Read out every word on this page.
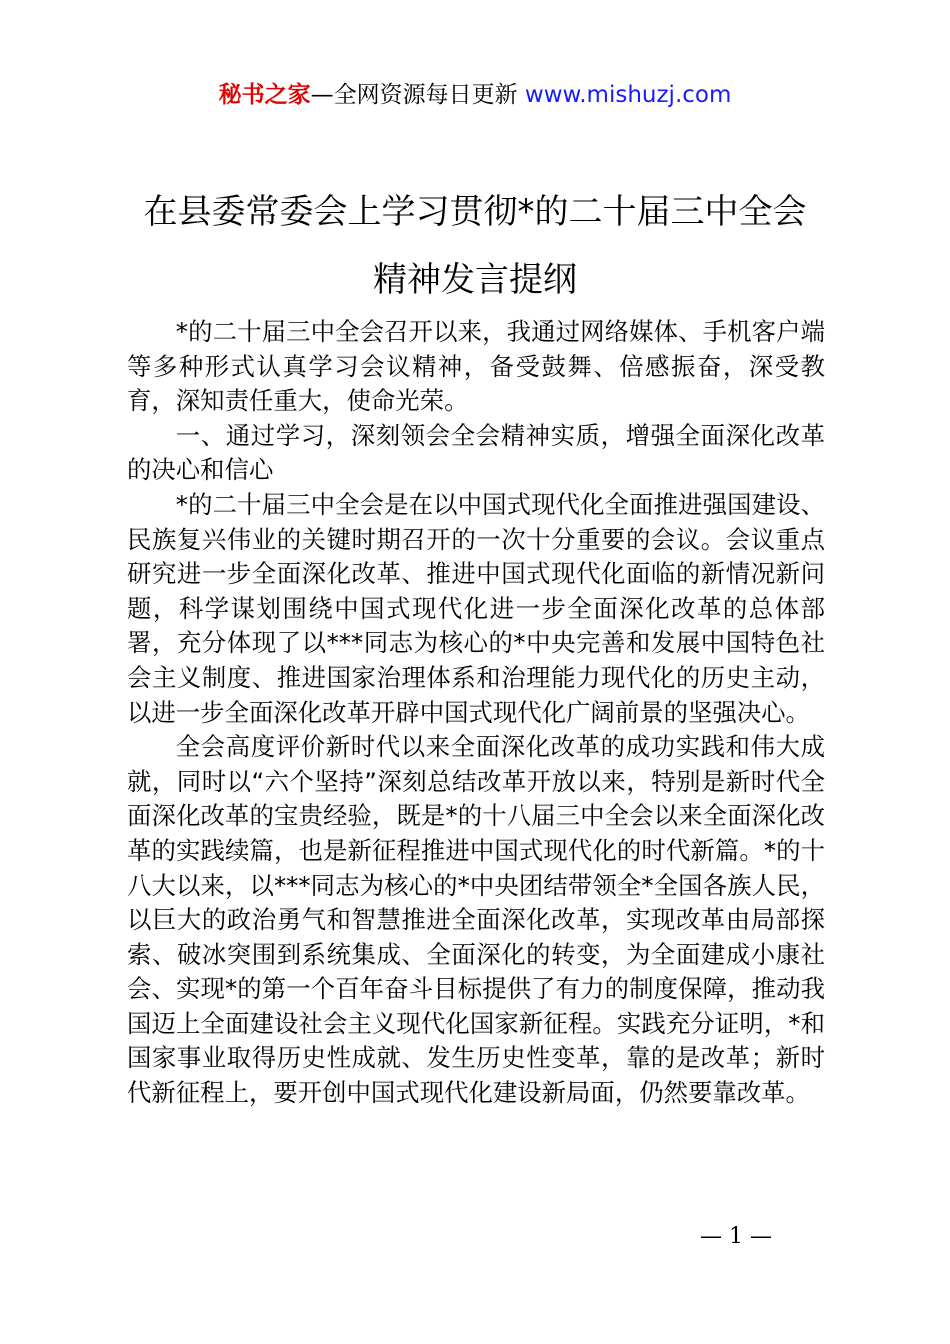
秘书之家—全网资源每日更新 www.mishuzj.com
在县委常委会上学习贯彻*的二十届三中全会
精神发言提纲

*的二十届三中全会召开以来，我通过网络媒体、手机客户端等多种形式认真学习会议精神，备受鼓舞、倍感振奋，深受教育，深知责任重大，使命光荣。

一、通过学习，深刻领会全会精神实质，增强全面深化改革的决心和信心

*的二十届三中全会是在以中国式现代化全面推进强国建设、民族复兴伟业的关键时期召开的一次十分重要的会议。会议重点研究进一步全面深化改革、推进中国式现代化面临的新情况新问题，科学谋划围绕中国式现代化进一步全面深化改革的总体部署，充分体现了以***同志为核心的*中央完善和发展中国特色社会主义制度、推进国家治理体系和治理能力现代化的历史主动，以进一步全面深化改革开辟中国式现代化广阔前景的坚强决心。

全会高度评价新时代以来全面深化改革的成功实践和伟大成就，同时以“六个坚持”深刻总结改革开放以来，特别是新时代全面深化改革的宝贵经验，既是*的十八届三中全会以来全面深化改革的实践续篇，也是新征程推进中国式现代化的时代新篇。*的十八大以来，以***同志为核心的*中央团结带领全*全国各族人民，以巨大的政治勇气和智慧推进全面深化改革，实现改革由局部探索、破冰突围到系统集成、全面深化的转变，为全面建成小康社会、实现*的第一个百年奋斗目标提供了有力的制度保障，推动我国迈上全面建设社会主义现代化国家新征程。实践充分证明，*和国家事业取得历史性成就、发生历史性变革，靠的是改革；新时代新征程上，要开创中国式现代化建设新局面，仍然要靠改革。

— 1 —
